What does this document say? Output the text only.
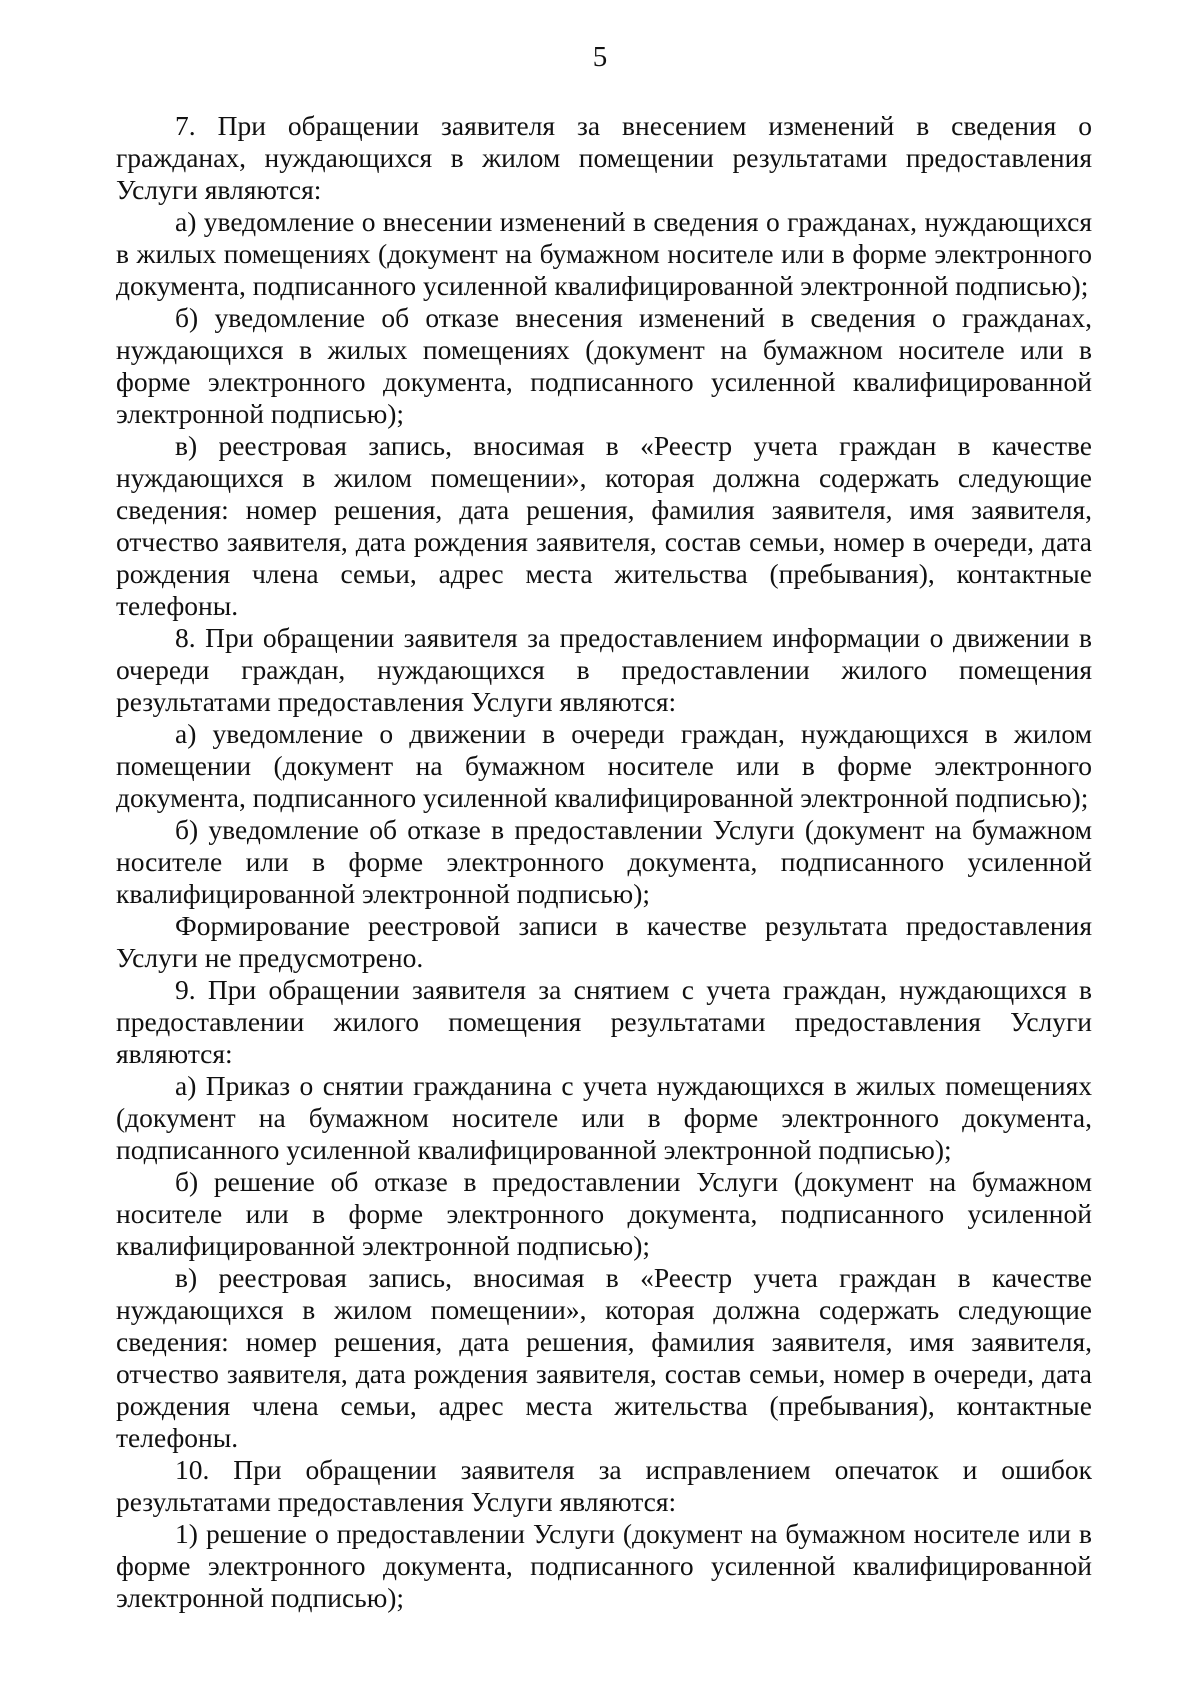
5

7. При обращении заявителя за внесением изменений в сведения о гражданах, нуждающихся в жилом помещении результатами предоставления Услуги являются:

а) уведомление о внесении изменений в сведения о гражданах, нуждающихся в жилых помещениях (документ на бумажном носителе или в форме электронного документа, подписанного усиленной квалифицированной электронной подписью);

б) уведомление об отказе внесения изменений в сведения о гражданах, нуждающихся в жилых помещениях (документ на бумажном носителе или в форме электронного документа, подписанного усиленной квалифицированной электронной подписью);

в) реестровая запись, вносимая в «Реестр учета граждан в качестве нуждающихся в жилом помещении», которая должна содержать следующие сведения: номер решения, дата решения, фамилия заявителя, имя заявителя, отчество заявителя, дата рождения заявителя, состав семьи, номер в очереди, дата рождения члена семьи, адрес места жительства (пребывания), контактные телефоны.

8. При обращении заявителя за предоставлением информации о движении в очереди граждан, нуждающихся в предоставлении жилого помещения результатами предоставления Услуги являются:

а) уведомление о движении в очереди граждан, нуждающихся в жилом помещении (документ на бумажном носителе или в форме электронного документа, подписанного усиленной квалифицированной электронной подписью);

б) уведомление об отказе в предоставлении Услуги (документ на бумажном носителе или в форме электронного документа, подписанного усиленной квалифицированной электронной подписью);

Формирование реестровой записи в качестве результата предоставления Услуги не предусмотрено.

9. При обращении заявителя за снятием с учета граждан, нуждающихся в предоставлении жилого помещения результатами предоставления Услуги являются:

а) Приказ о снятии гражданина с учета нуждающихся в жилых помещениях (документ на бумажном носителе или в форме электронного документа, подписанного усиленной квалифицированной электронной подписью);

б) решение об отказе в предоставлении Услуги (документ на бумажном носителе или в форме электронного документа, подписанного усиленной квалифицированной электронной подписью);

в) реестровая запись, вносимая в «Реестр учета граждан в качестве нуждающихся в жилом помещении», которая должна содержать следующие сведения: номер решения, дата решения, фамилия заявителя, имя заявителя, отчество заявителя, дата рождения заявителя, состав семьи, номер в очереди, дата рождения члена семьи, адрес места жительства (пребывания), контактные телефоны.

10. При обращении заявителя за исправлением опечаток и ошибок результатами предоставления Услуги являются:

1) решение о предоставлении Услуги (документ на бумажном носителе или в форме электронного документа, подписанного усиленной квалифицированной электронной подписью);
